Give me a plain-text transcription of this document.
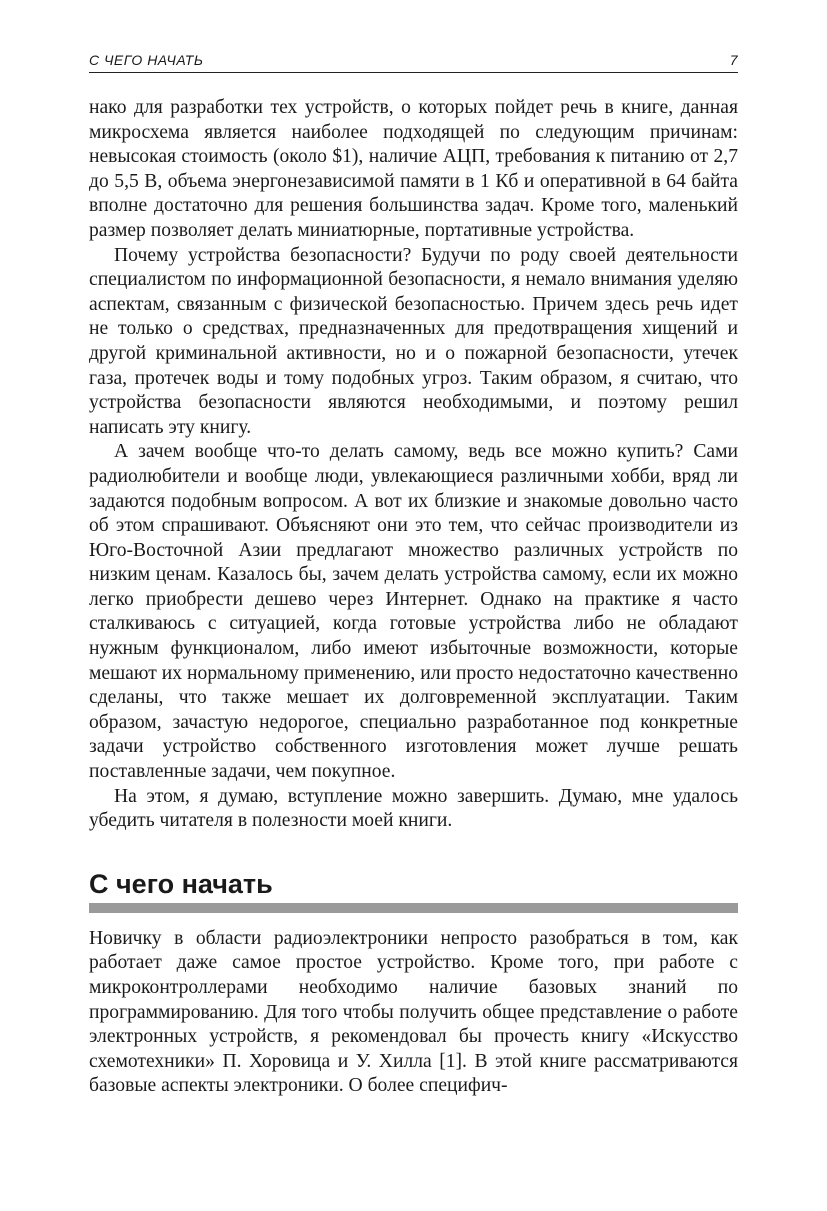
С ЧЕГО НАЧАТЬ	7

нако для разработки тех устройств, о которых пойдет речь в книге, данная микросхема является наиболее подходящей по следующим причинам: невысокая стоимость (около $1), наличие АЦП, требования к питанию от 2,7 до 5,5 В, объема энергонезависимой памяти в 1 Кб и оперативной в 64 байта вполне достаточно для решения большинства задач. Кроме того, маленький размер позволяет делать миниатюрные, портативные устройства.

Почему устройства безопасности? Будучи по роду своей деятельности специалистом по информационной безопасности, я немало внимания уделяю аспектам, связанным с физической безопасностью. Причем здесь речь идет не только о средствах, предназначенных для предотвращения хищений и другой криминальной активности, но и о пожарной безопасности, утечек газа, протечек воды и тому подобных угроз. Таким образом, я считаю, что устройства безопасности являются необходимыми, и поэтому решил написать эту книгу.

А зачем вообще что-то делать самому, ведь все можно купить? Сами радиолюбители и вообще люди, увлекающиеся различными хобби, вряд ли задаются подобным вопросом. А вот их близкие и знакомые довольно часто об этом спрашивают. Объясняют они это тем, что сейчас производители из Юго-Восточной Азии предлагают множество различных устройств по низким ценам. Казалось бы, зачем делать устройства самому, если их можно легко приобрести дешево через Интернет. Однако на практике я часто сталкиваюсь с ситуацией, когда готовые устройства либо не обладают нужным функционалом, либо имеют избыточные возможности, которые мешают их нормальному применению, или просто недостаточно качественно сделаны, что также мешает их долговременной эксплуатации. Таким образом, зачастую недорогое, специально разработанное под конкретные задачи устройство собственного изготовления может лучше решать поставленные задачи, чем покупное.

На этом, я думаю, вступление можно завершить. Думаю, мне удалось убедить читателя в полезности моей книги.

С чего начать

Новичку в области радиоэлектроники непросто разобраться в том, как работает даже самое простое устройство. Кроме того, при работе с микроконтроллерами необходимо наличие базовых знаний по программированию. Для того чтобы получить общее представление о работе электронных устройств, я рекомендовал бы прочесть книгу «Искусство схемотехники» П. Хоровица и У. Хилла [1]. В этой книге рассматриваются базовые аспекты электроники. О более специфич-
